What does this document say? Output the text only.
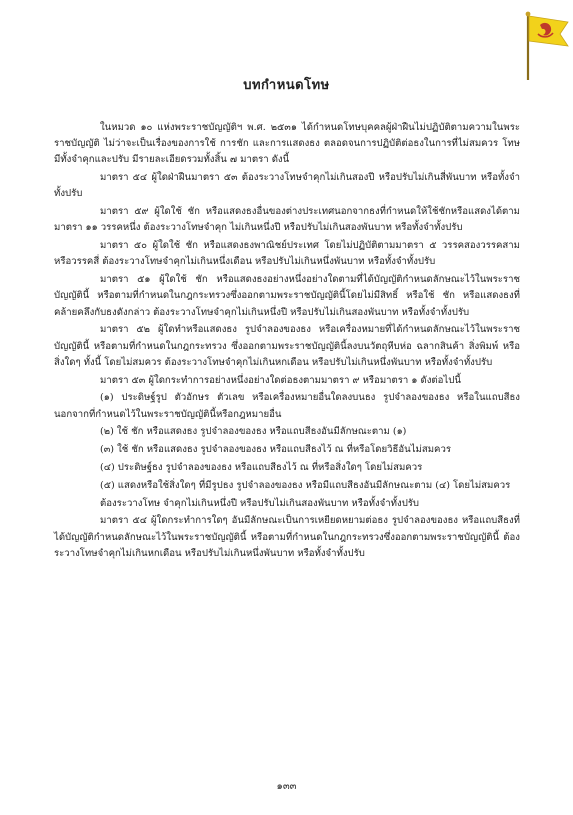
บทกำหนดโทษ

ในหมวด ๑๐ แห่งพระราชบัญญัติฯ พ.ศ. ๒๕๓๑ ได้กำหนดโทษบุคคลผู้ฝ่าฝืนไม่ปฏิบัติตามความในพระราชบัญญัติ ไม่ว่าจะเป็นเรื่องของการใช้ การชัก และการแสดงธง ตลอดจนการปฏิบัติต่อธงในการที่ไม่สมควร โทษมีทั้งจำคุกและปรับ มีรายละเอียดรวมทั้งสิ้น ๗ มาตรา ดังนี้

มาตรา ๕๔ ผู้ใดฝ่าฝืนมาตรา ๕๓ ต้องระวางโทษจำคุกไม่เกินสองปี หรือปรับไม่เกินสี่พันบาท หรือทั้งจำทั้งปรับ

มาตรา ๕๙ ผู้ใดใช้ ชัก หรือแสดงธงอื่นของต่างประเทศนอกจากธงที่กำหนดให้ใช้ชักหรือแสดงได้ตามมาตรา ๑๑ วรรคหนึ่ง ต้องระวางโทษจำคุก ไม่เกินหนึ่งปี หรือปรับไม่เกินสองพันบาท หรือทั้งจำทั้งปรับ

มาตรา ๕๐ ผู้ใดใช้ ชัก หรือแสดงธงพาณิชย์ประเทศ โดยไม่ปฏิบัติตามมาตรา ๕ วรรคสองวรรคสาม หรือวรรคสี่ ต้องระวางโทษจำคุกไม่เกินหนึ่งเดือน หรือปรับไม่เกินหนึ่งพันบาท หรือทั้งจำทั้งปรับ

มาตรา ๕๑ ผู้ใดใช้ ชัก หรือแสดงธงอย่างหนึ่งอย่างใดตามที่ได้บัญญัติกำหนดลักษณะไว้ในพระราชบัญญัตินี้ หรือตามที่กำหนดในกฎกระทรวงซึ่งออกตามพระราชบัญญัตินี้โดยไม่มีสิทธิ์ หรือใช้ ชัก หรือแสดงธงที่คล้ายคลึงกับธงดังกล่าว ต้องระวางโทษจำคุกไม่เกินหนึ่งปี หรือปรับไม่เกินสองพันบาท หรือทั้งจำทั้งปรับ

มาตรา ๕๒ ผู้ใดทำหรือแสดงธง รูปจำลองของธง หรือเครื่องหมายที่ได้กำหนดลักษณะไว้ในพระราชบัญญัตินี้ หรือตามที่กำหนดในกฎกระทรวง ซึ่งออกตามพระราชบัญญัตินี้ลงบนวัตถุหีบห่อ ฉลากสินค้า สิ่งพิมพ์ หรือสิ่งใดๆ ทั้งนี้ โดยไม่สมควร ต้องระวางโทษจำคุกไม่เกินหกเดือน หรือปรับไม่เกินหนึ่งพันบาท หรือทั้งจำทั้งปรับ

มาตรา ๕๓ ผู้ใดกระทำการอย่างหนึ่งอย่างใดต่อธงตามมาตรา ๙ หรือมาตรา ๑ ดังต่อไปนี้

(๑) ประดิษฐ์รูป ตัวอักษร ตัวเลข หรือเครื่องหมายอื่นใดลงบนธง รูปจำลองของธง หรือในแถบสีธง นอกจากที่กำหนดไว้ในพระราชบัญญัตินี้หรือกฎหมายอื่น

(๒) ใช้ ชัก หรือแสดงธง รูปจำลองของธง หรือแถบสีธงอันมีลักษณะตาม (๑)

(๓) ใช้ ชัก หรือแสดงธง รูปจำลองของธง หรือแถบสีธงไว้ ณ ที่หรือโดยวิธีอันไม่สมควร

(๔) ประดิษฐ์ธง รูปจำลองของธง หรือแถบสีธงไว้ ณ ที่หรือสิ่งใดๆ โดยไม่สมควร

(๕) แสดงหรือใช้สิ่งใดๆ ที่มีรูปธง รูปจำลองของธง หรือมีแถบสีธงอันมีลักษณะตาม (๔) โดยไม่สมควร

ต้องระวางโทษ จำคุกไม่เกินหนึ่งปี หรือปรับไม่เกินสองพันบาท หรือทั้งจำทั้งปรับ

มาตรา ๕๔ ผู้ใดกระทำการใดๆ อันมีลักษณะเป็นการเหยียดหยามต่อธง รูปจำลองของธง หรือแถบสีธงที่ได้บัญญัติกำหนดลักษณะไว้ในพระราชบัญญัตินี้ หรือตามที่กำหนดในกฎกระทรวงซึ่งออกตามพระราชบัญญัตินี้ ต้องระวางโทษจำคุกไม่เกินหกเดือน หรือปรับไม่เกินหนึ่งพันบาท หรือทั้งจำทั้งปรับ

๑๓๓
